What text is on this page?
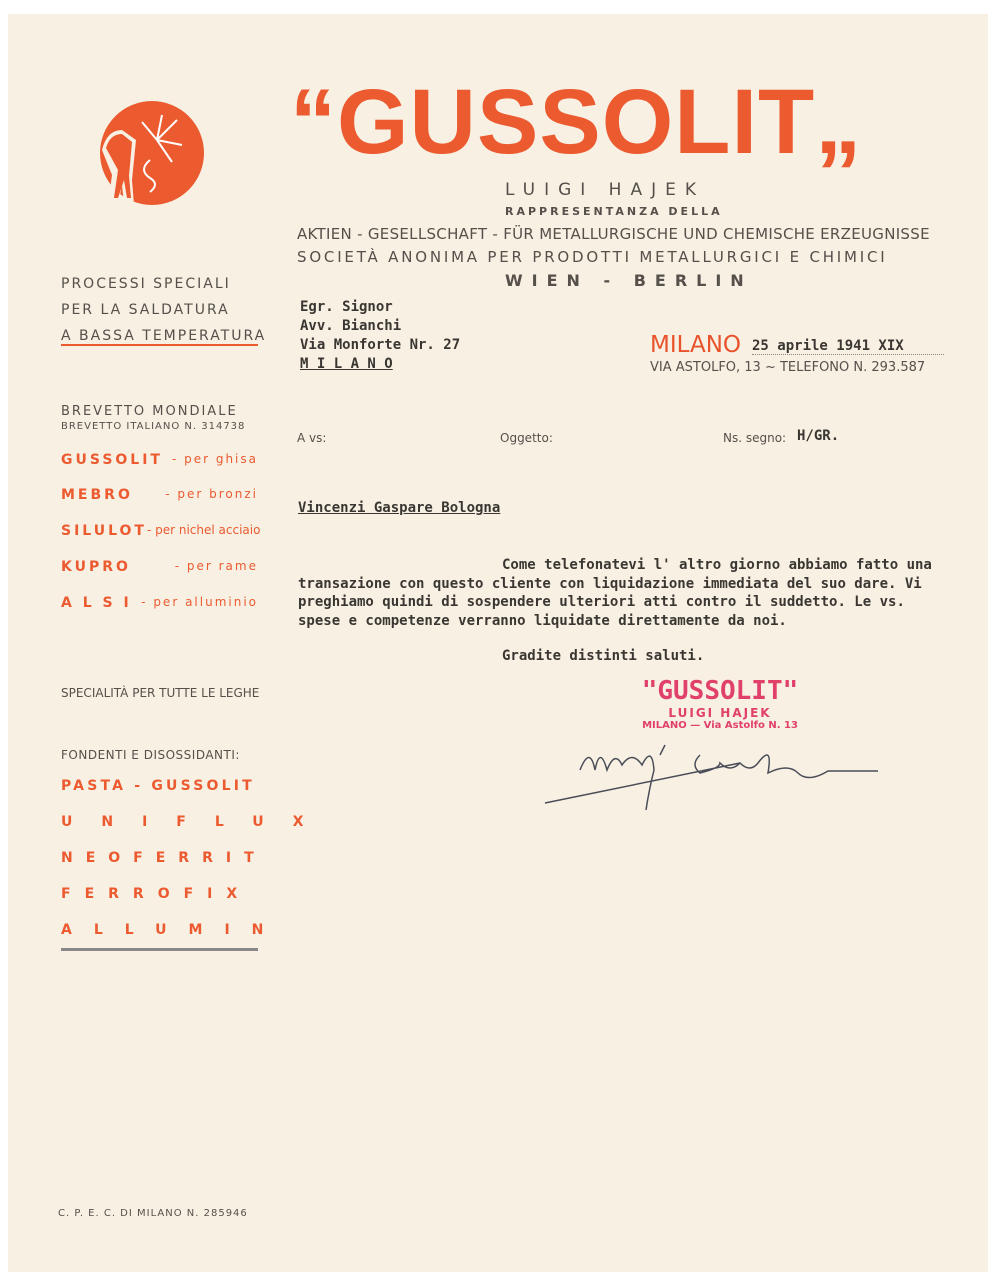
“GUSSOLIT„
LUIGI HAJEK
RAPPRESENTANZA DELLA
AKTIEN - GESELLSCHAFT - FÜR METALLURGISCHE UND CHEMISCHE ERZEUGNISSE
SOCIETÀ ANONIMA PER PRODOTTI METALLURGICI E CHIMICI
WIEN - BERLIN
Egr. Signor
Avv. Bianchi
Via Monforte Nr. 27
M I L A N O
MILANO 25 aprile 1941 XIX
VIA ASTOLFO, 13 ~ TELEFONO N. 293.587
A vs:	Oggetto:	Ns. segno: H/GR.
Vincenzi Gaspare Bologna
Come telefonatevi l' altro giorno abbiamo fatto una transazione con questo cliente con liquidazione immediata del suo dare. Vi preghiamo quindi di sospendere ulteriori atti contro il suddetto. Le vs. spese e competenze verranno liquidate direttamente da noi.
Gradite distinti saluti.
"GUSSOLIT"
LUIGI HAJEK
MILANO — Via Astolfo N. 13
PROCESSI SPECIALI
PER LA SALDATURA
A BASSA TEMPERATURA
BREVETTO MONDIALE
BREVETTO ITALIANO N. 314738
GUSSOLIT - per ghisa
MEBRO	- per bronzi
SILULOT - per nichel acciaio
KUPRO	- per rame
A L S I - per alluminio
SPECIALITÀ PER TUTTE LE LEGHE
FONDENTI E DISOSSIDANTI:
PASTA - GUSSOLIT
UNIFLUX
NEOFERRIT
FERROFIX
ALLUMIN
C. P. E. C. DI MILANO N. 285946
